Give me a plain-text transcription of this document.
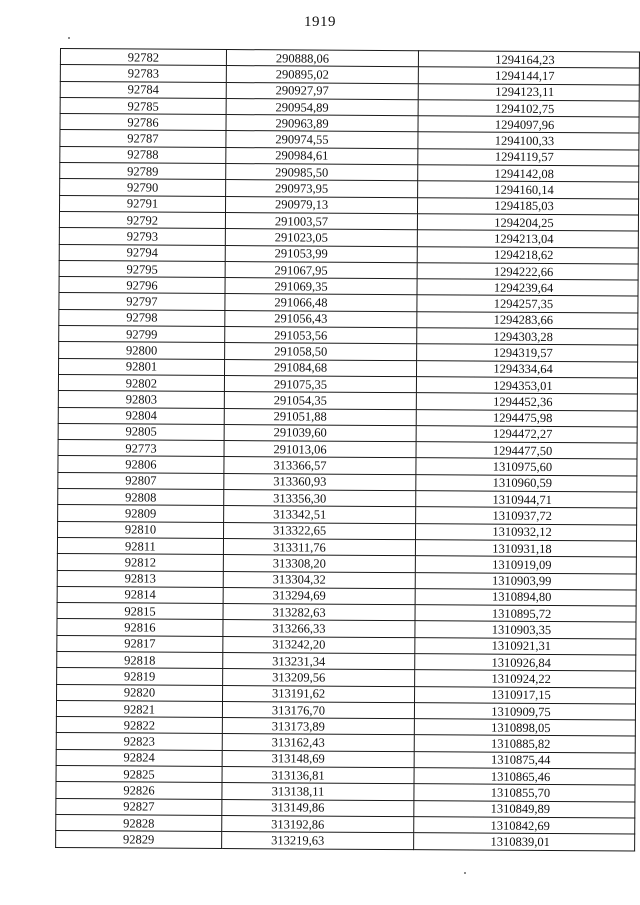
1919
92782	290888,06	1294164,23
92783	290895,02	1294144,17
92784	290927,97	1294123,11
92785	290954,89	1294102,75
92786	290963,89	1294097,96
92787	290974,55	1294100,33
92788	290984,61	1294119,57
92789	290985,50	1294142,08
92790	290973,95	1294160,14
92791	290979,13	1294185,03
92792	291003,57	1294204,25
92793	291023,05	1294213,04
92794	291053,99	1294218,62
92795	291067,95	1294222,66
92796	291069,35	1294239,64
92797	291066,48	1294257,35
92798	291056,43	1294283,66
92799	291053,56	1294303,28
92800	291058,50	1294319,57
92801	291084,68	1294334,64
92802	291075,35	1294353,01
92803	291054,35	1294452,36
92804	291051,88	1294475,98
92805	291039,60	1294472,27
92773	291013,06	1294477,50
92806	313366,57	1310975,60
92807	313360,93	1310960,59
92808	313356,30	1310944,71
92809	313342,51	1310937,72
92810	313322,65	1310932,12
92811	313311,76	1310931,18
92812	313308,20	1310919,09
92813	313304,32	1310903,99
92814	313294,69	1310894,80
92815	313282,63	1310895,72
92816	313266,33	1310903,35
92817	313242,20	1310921,31
92818	313231,34	1310926,84
92819	313209,56	1310924,22
92820	313191,62	1310917,15
92821	313176,70	1310909,75
92822	313173,89	1310898,05
92823	313162,43	1310885,82
92824	313148,69	1310875,44
92825	313136,81	1310865,46
92826	313138,11	1310855,70
92827	313149,86	1310849,89
92828	313192,86	1310842,69
92829	313219,63	1310839,01
